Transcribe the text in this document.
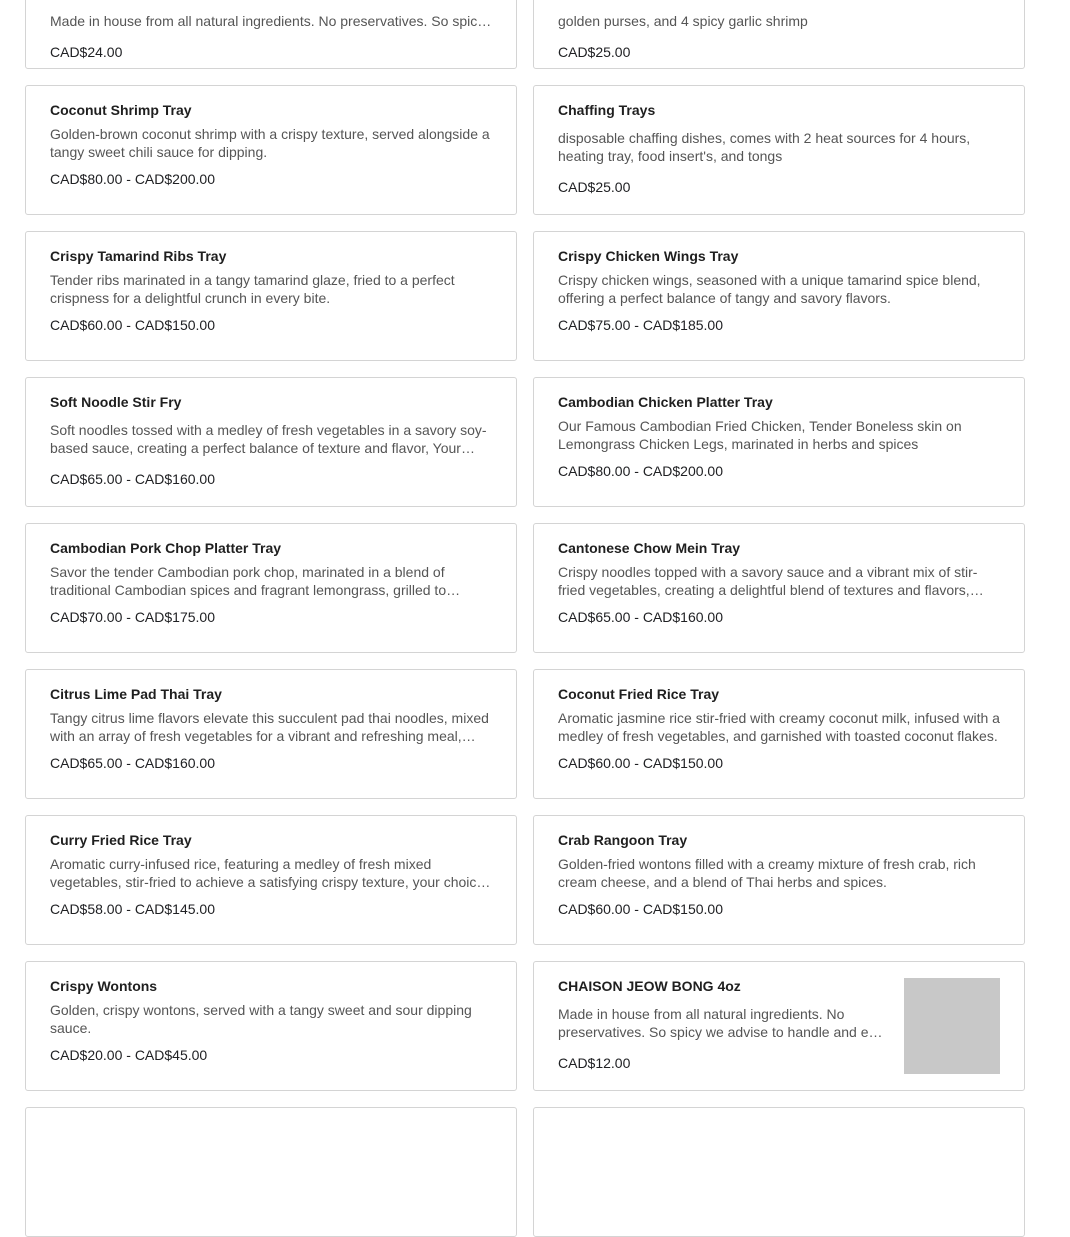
Made in house from all natural ingredients. No preservatives. So spicy
CAD$24.00
golden purses, and 4 spicy garlic shrimp
CAD$25.00
Coconut Shrimp Tray
Golden-brown coconut shrimp with a crispy texture, served alongside a tangy sweet chili sauce for dipping.
CAD$80.00 - CAD$200.00
Chaffing Trays
disposable chaffing dishes, comes with 2 heat sources for 4 hours, heating tray, food insert's, and tongs
CAD$25.00
Crispy Tamarind Ribs Tray
Tender ribs marinated in a tangy tamarind glaze, fried to a perfect crispness for a delightful crunch in every bite.
CAD$60.00 - CAD$150.00
Crispy Chicken Wings Tray
Crispy chicken wings, seasoned with a unique tamarind spice blend, offering a perfect balance of tangy and savory flavors.
CAD$75.00 - CAD$185.00
Soft Noodle Stir Fry
Soft noodles tossed with a medley of fresh vegetables in a savory soy-based sauce, creating a perfect balance of texture and flavor, Your
CAD$65.00 - CAD$160.00
Cambodian Chicken Platter Tray
Our Famous Cambodian Fried Chicken, Tender Boneless skin on Lemongrass Chicken Legs, marinated in herbs and spices
CAD$80.00 - CAD$200.00
Cambodian Pork Chop Platter Tray
Savor the tender Cambodian pork chop, marinated in a blend of traditional Cambodian spices and fragrant lemongrass, grilled to
CAD$70.00 - CAD$175.00
Cantonese Chow Mein Tray
Crispy noodles topped with a savory sauce and a vibrant mix of stir-fried vegetables, creating a delightful blend of textures and flavors,
CAD$65.00 - CAD$160.00
Citrus Lime Pad Thai Tray
Tangy citrus lime flavors elevate this succulent pad thai noodles, mixed with an array of fresh vegetables for a vibrant and refreshing meal,
CAD$65.00 - CAD$160.00
Coconut Fried Rice Tray
Aromatic jasmine rice stir-fried with creamy coconut milk, infused with a medley of fresh vegetables, and garnished with toasted coconut flakes.
CAD$60.00 - CAD$150.00
Curry Fried Rice Tray
Aromatic curry-infused rice, featuring a medley of fresh mixed vegetables, stir-fried to achieve a satisfying crispy texture, your choice
CAD$58.00 - CAD$145.00
Crab Rangoon Tray
Golden-fried wontons filled with a creamy mixture of fresh crab, rich cream cheese, and a blend of Thai herbs and spices.
CAD$60.00 - CAD$150.00
Crispy Wontons
Golden, crispy wontons, served with a tangy sweet and sour dipping sauce.
CAD$20.00 - CAD$45.00
CHAISON JEOW BONG 4oz
Made in house from all natural ingredients. No preservatives. So spicy we advise to handle and eat
CAD$12.00
